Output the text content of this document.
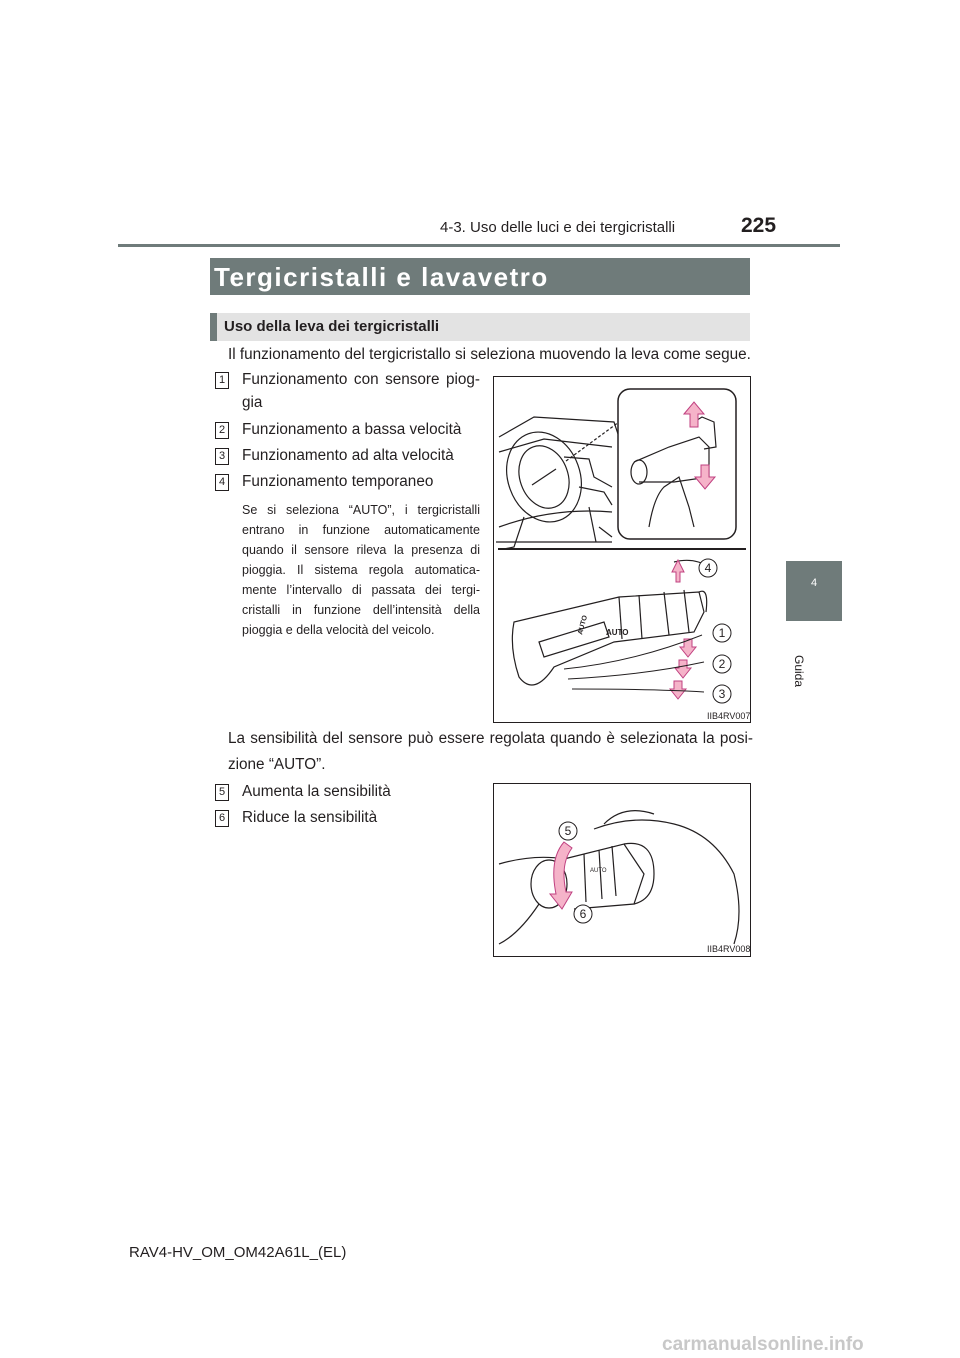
4-3. Uso delle luci e dei tergicristalli	225
4
Guida
Tergicristalli e lavavetro
Uso della leva dei tergicristalli
Il funzionamento del tergicristallo si seleziona muovendo la leva come segue.
1 Funzionamento con sensore piog-
gia
2 Funzionamento a bassa velocità
3 Funzionamento ad alta velocità
4 Funzionamento temporaneo
Se si seleziona “AUTO”, i tergicristalli entrano in funzione automaticamente quando il sensore rileva la presenza di pioggia. Il sistema regola automatica-mente l’intervallo di passata dei tergi-cristalli in funzione dell’intensità della pioggia e della velocità del veicolo.	AUTO AUTO
4
1
2
3
IIB4RV007
La sensibilità del sensore può essere regolata quando è selezionata la posi-zione “AUTO”.
5 Aumenta la sensibilità
6 Riduce la sensibilità
AUTO
5
6
IIB4RV008
RAV4-HV_OM_OM42A61L_(EL)
carmanualsonline.info
